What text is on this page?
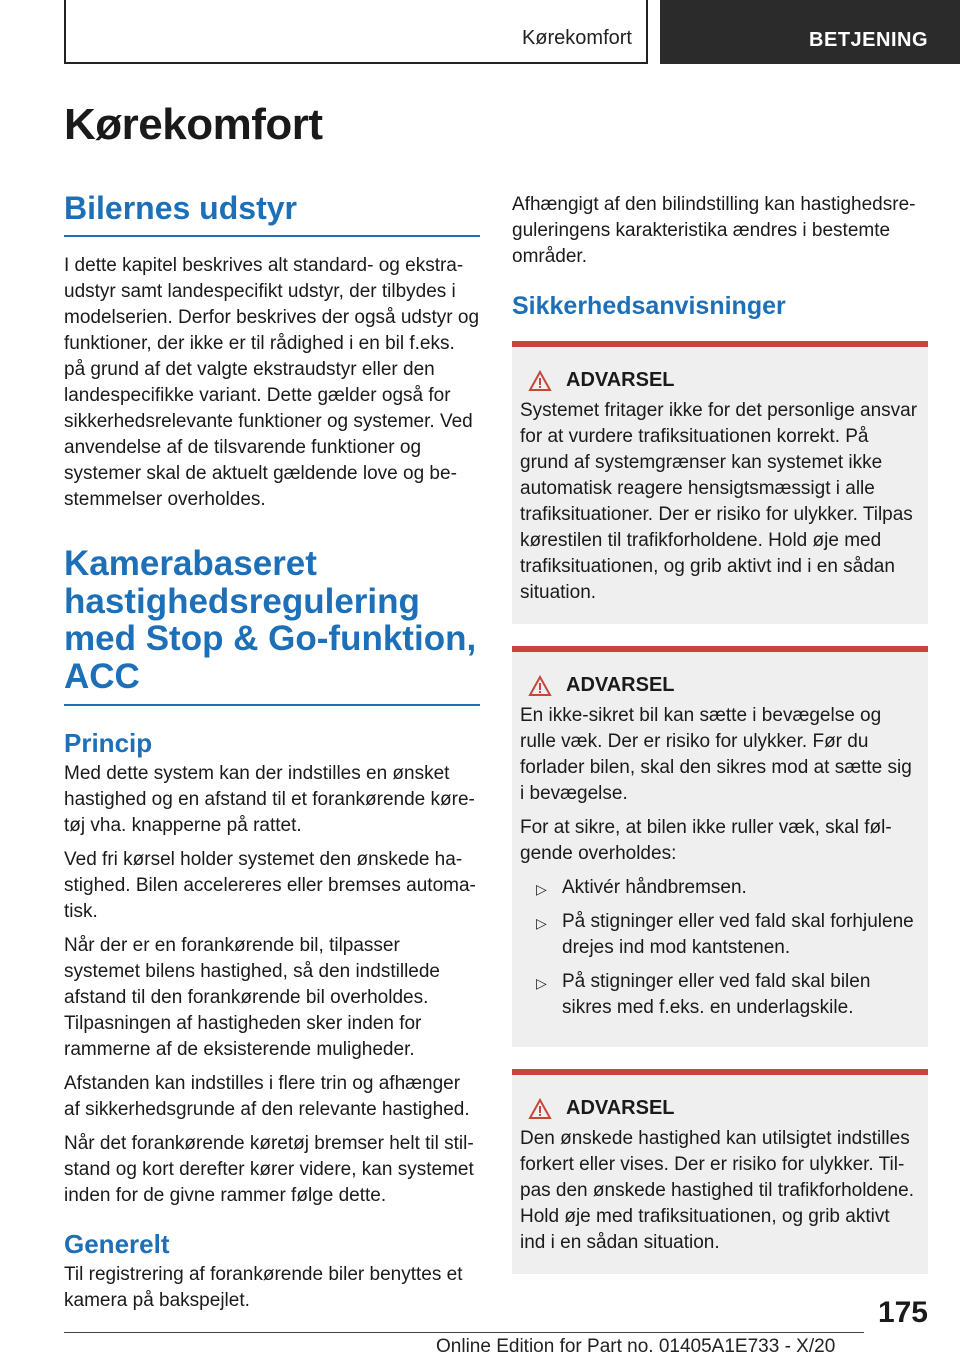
Kørekomfort	BETJENING
Kørekomfort
Bilernes udstyr

I dette kapitel beskrives alt standard- og ekstraudstyr samt landespecifikt udstyr, der tilbydes i modelserien. Derfor beskrives der også udstyr og funktioner, der ikke er til rådighed i en bil f.eks. på grund af det valgte ekstraudstyr eller den landespecifikke variant. Dette gælder også for sikkerhedsrelevante funktioner og systemer. Ved anvendelse af de tilsvarende funktioner og systemer skal de aktuelt gældende love og bestemmelser overholdes.

Kamerabaseret hastighedsregulering med Stop & Go-funktion, ACC
Princip

Med dette system kan der indstilles en ønsket hastighed og en afstand til et forankørende køretøj vha. knapperne på rattet.

Ved fri kørsel holder systemet den ønskede hastighed. Bilen accelereres eller bremses automatisk.

Når der er en forankørende bil, tilpasser systemet bilens hastighed, så den indstillede afstand til den forankørende bil overholdes. Tilpasningen af hastigheden sker inden for rammerne af de eksisterende muligheder.

Afstanden kan indstilles i flere trin og afhænger af sikkerhedsgrunde af den relevante hastighed.

Når det forankørende køretøj bremser helt til stilstand og kort derefter kører videre, kan systemet inden for de givne rammer følge dette.

Generelt

Til registrering af forankørende biler benyttes et kamera på bakspejlet.

Afhængigt af den bilindstilling kan hastighedsreguleringens karakteristika ændres i bestemte områder.

Sikkerhedsanvisninger
ADVARSEL

Systemet fritager ikke for det personlige ansvar for at vurdere trafiksituationen korrekt. På grund af systemgrænser kan systemet ikke automatisk reagere hensigtsmæssigt i alle trafiksituationer. Der er risiko for ulykker. Tilpas kørestilen til trafikforholdene. Hold øje med trafiksituationen, og grib aktivt ind i en sådan situation.

ADVARSEL

En ikke-sikret bil kan sætte i bevægelse og rulle væk. Der er risiko for ulykker. Før du forlader bilen, skal den sikres mod at sætte sig i bevægelse.

For at sikre, at bilen ikke ruller væk, skal følgende overholdes:

▷ Aktivér håndbremsen.
▷ På stigninger eller ved fald skal forhjulene drejes ind mod kantstenen.
▷ På stigninger eller ved fald skal bilen sikres med f.eks. en underlagskile.
ADVARSEL

Den ønskede hastighed kan utilsigtet indstilles forkert eller vises. Der er risiko for ulykker. Tilpas den ønskede hastighed til trafikforholdene. Hold øje med trafiksituationen, og grib aktivt ind i en sådan situation.

175
Online Edition for Part no. 01405A1E733 - X/20
